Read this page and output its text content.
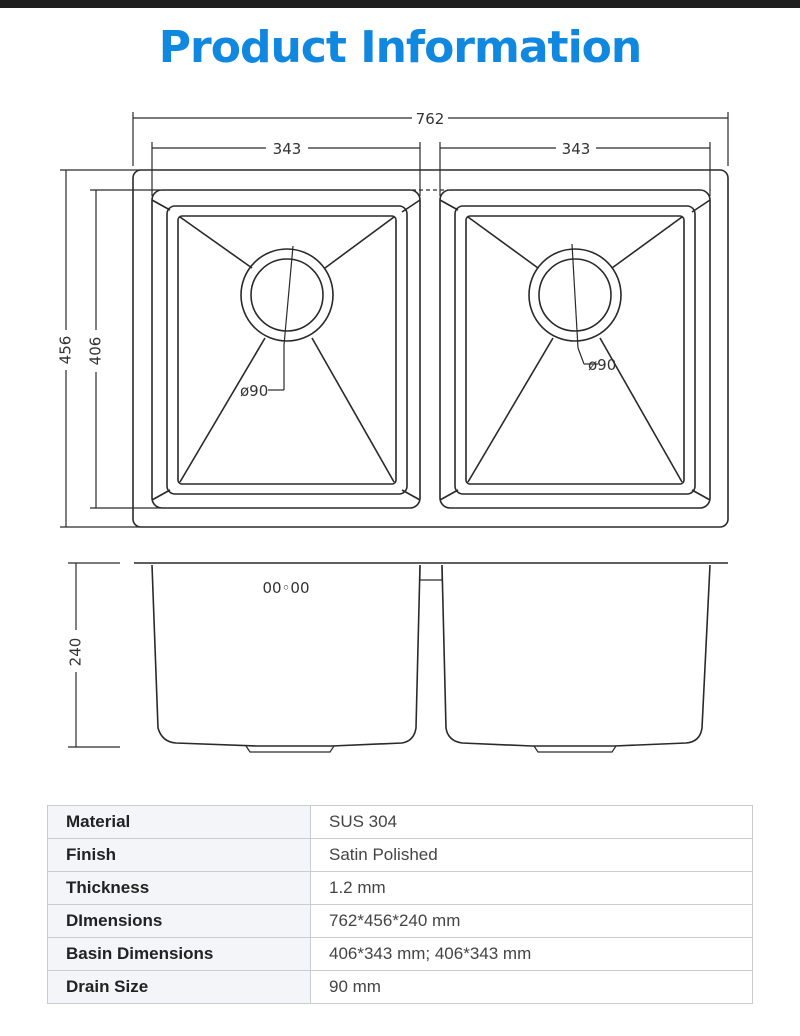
Product Information
762
343	343
456 406
ø90
ø90
240
00◦00
Material	SUS 304
Finish	Satin Polished
Thickness	1.2 mm
DImensions	762*456*240 mm
Basin Dimensions	406*343 mm; 406*343 mm
Drain Size	90 mm
